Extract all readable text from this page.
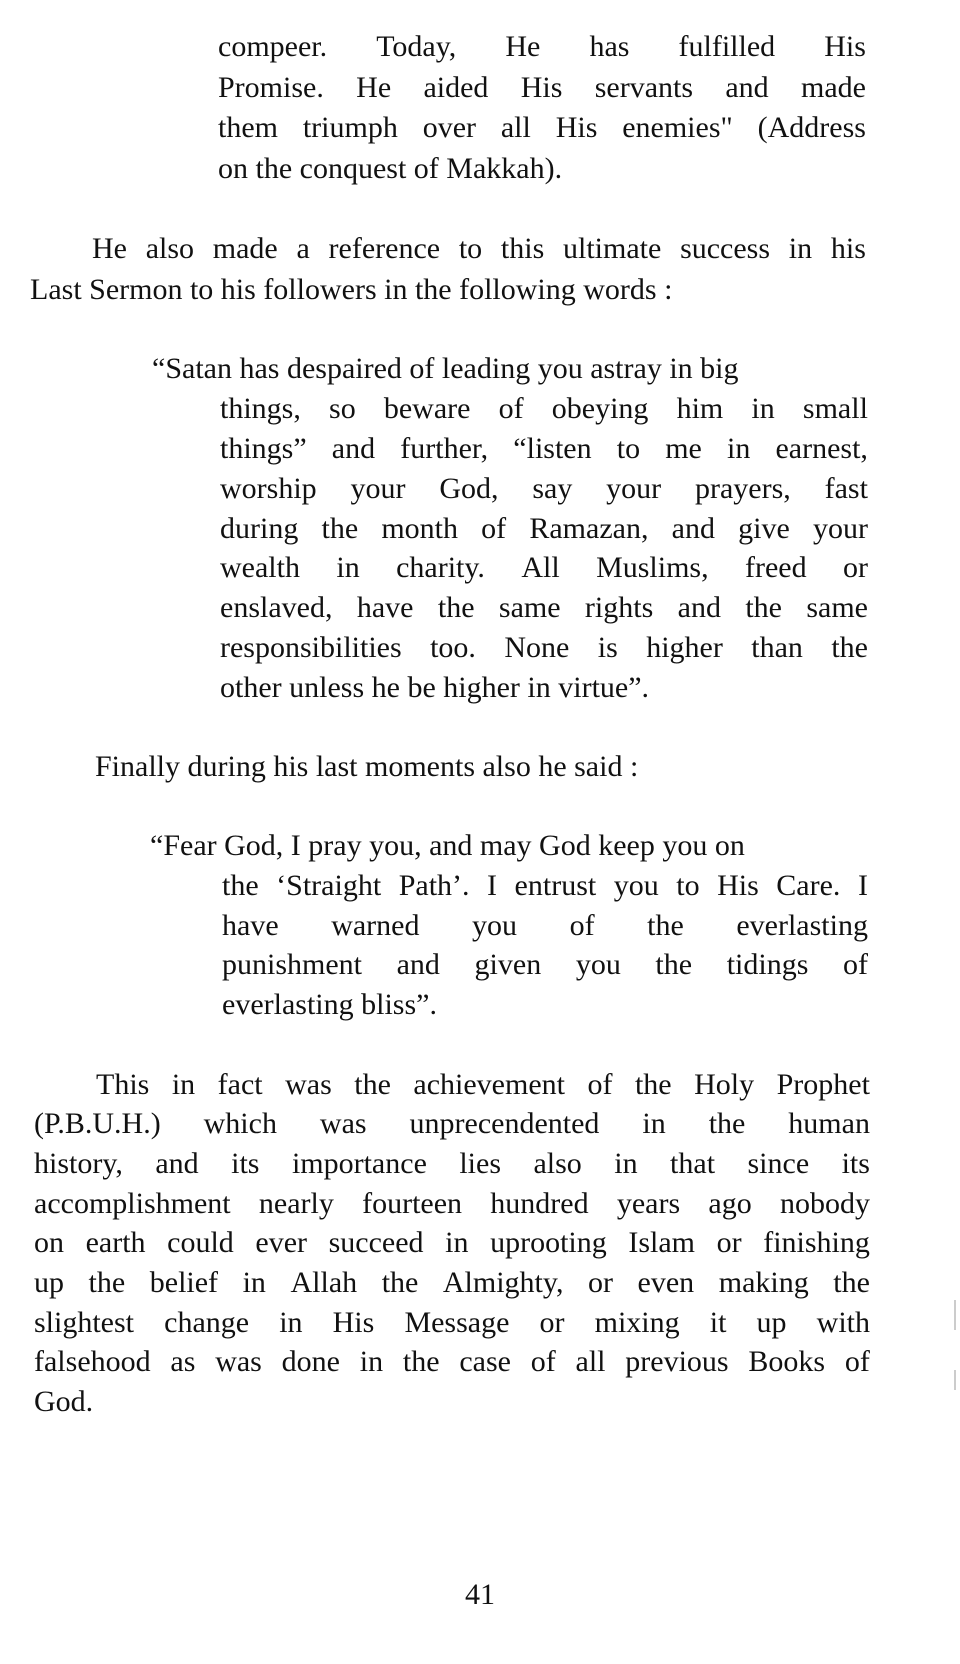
compeer. Today, He has fulfilled His
Promise. He aided His servants and made
them triumph over all His enemies" (Address
on the conquest of Makkah).
He also made a reference to this ultimate success in his
Last Sermon to his followers in the following words :
“Satan has despaired of leading you astray in big
things, so beware of obeying him in small
things” and further, “listen to me in earnest,
worship your God, say your prayers, fast
during the month of Ramazan, and give your
wealth in charity. All Muslims, freed or
enslaved, have the same rights and the same
responsibilities too. None is higher than the
other unless he be higher in virtue”.
Finally during his last moments also he said :
“Fear God, I pray you, and may God keep you on
the ‘Straight Path’. I entrust you to His Care. I
have warned you of the everlasting
punishment and given you the tidings of
everlasting bliss”.
This in fact was the achievement of the Holy Prophet
(P.B.U.H.) which was unprecendented in the human
history, and its importance lies also in that since its
accomplishment nearly fourteen hundred years ago nobody
on earth could ever succeed in uprooting Islam or finishing
up the belief in Allah the Almighty, or even making the
slightest change in His Message or mixing it up with
falsehood as was done in the case of all previous Books of
God.
41
